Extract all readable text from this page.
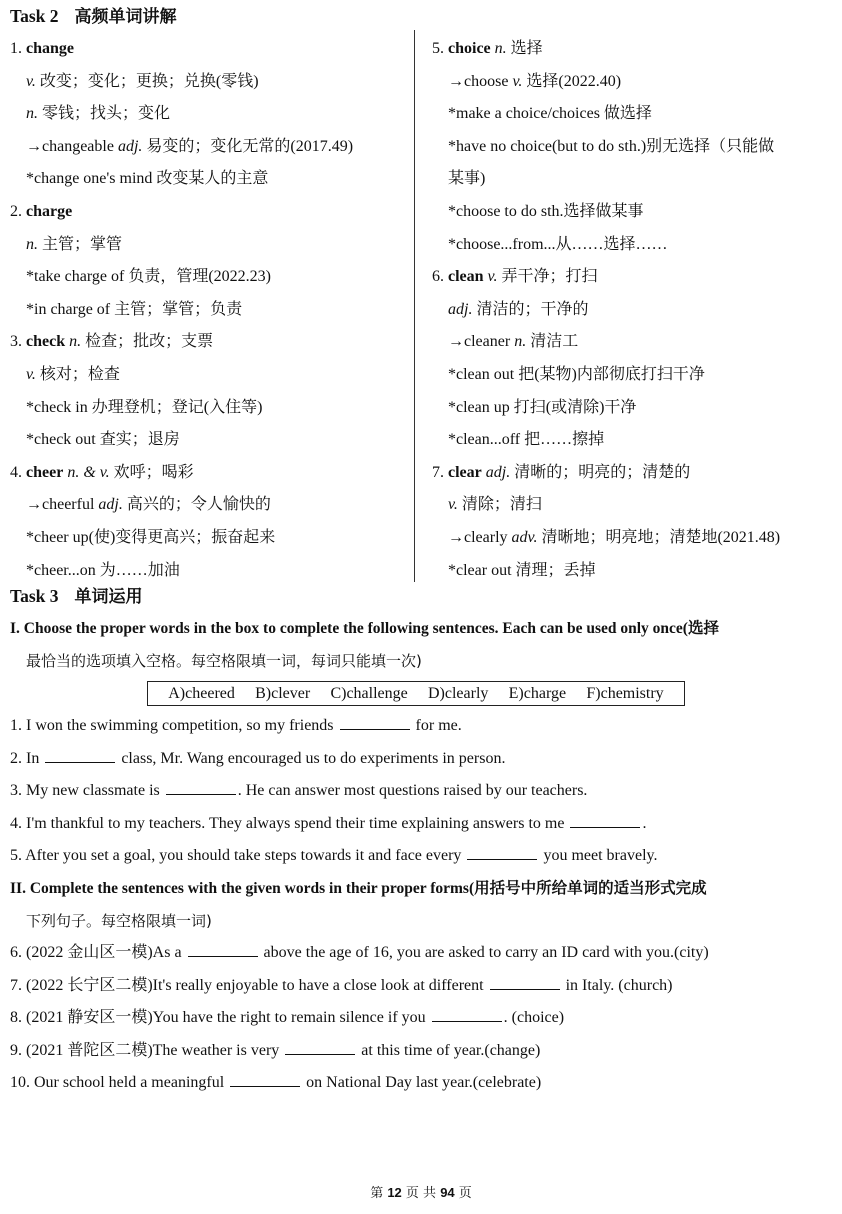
Task 2 高频单词讲解
1. change
v. 改变；变化；更换；兑换(零钱)
n. 零钱；找头；变化
→changeable adj. 易变的；变化无常的(2017.49)
*change one's mind 改变某人的主意
2. charge
n. 主管；掌管
*take charge of 负责，管理(2022.23)
*in charge of 主管；掌管；负责
3. check n. 检查；批改；支票
v. 核对；检查
*check in 办理登机；登记(入住等)
*check out 查实；退房
4. cheer n. & v. 欢呼；喝彩
→cheerful adj. 高兴的；令人愉快的
*cheer up(使)变得更高兴；振奋起来
*cheer...on 为……加油
5. choice n. 选择
→choose v. 选择(2022.40)
*make a choice/choices 做选择
*have no choice(but to do sth.)别无选择（只能做
某事)
*choose to do sth.选择做某事
*choose...from...从……选择……
6. clean v. 弄干净；打扫
adj. 清洁的；干净的
→cleaner n. 清洁工
*clean out 把(某物)内部彻底打扫干净
*clean up 打扫(或清除)干净
*clean...off 把……擦掉
7. clear adj. 清晰的；明亮的；清楚的
v. 清除；清扫
→clearly adv. 清晰地；明亮地；清楚地(2021.48)
*clear out 清理；丢掉
Task 3 单词运用
I. Choose the proper words in the box to complete the following sentences. Each can be used only once(选择
最恰当的选项填入空格。每空格限填一词，每词只能填一次)
A)cheered B)clever C)challenge D)clearly E)charge F)chemistry
1. I won the swimming competition, so my friends	for me.
2. In	class, Mr. Wang encouraged us to do experiments in person.
3. My new classmate is	. He can answer most questions raised by our teachers.
4. I'm thankful to my teachers. They always spend their time explaining answers to me	.
5. After you set a goal, you should take steps towards it and face every	you meet bravely.
II. Complete the sentences with the given words in their proper forms(用括号中所给单词的适当形式完成
下列句子。每空格限填一词)
6. (2022 金山区一模)As a	above the age of 16, you are asked to carry an ID card with you.(city)
7. (2022 长宁区二模)It's really enjoyable to have a close look at different	in Italy. (church)
8. (2021 静安区一模)You have the right to remain silence if you	. (choice)
9. (2021 普陀区二模)The weather is very	at this time of year.(change)
10. Our school held a meaningful	on National Day last year.(celebrate)
第 12 页 共 94 页
